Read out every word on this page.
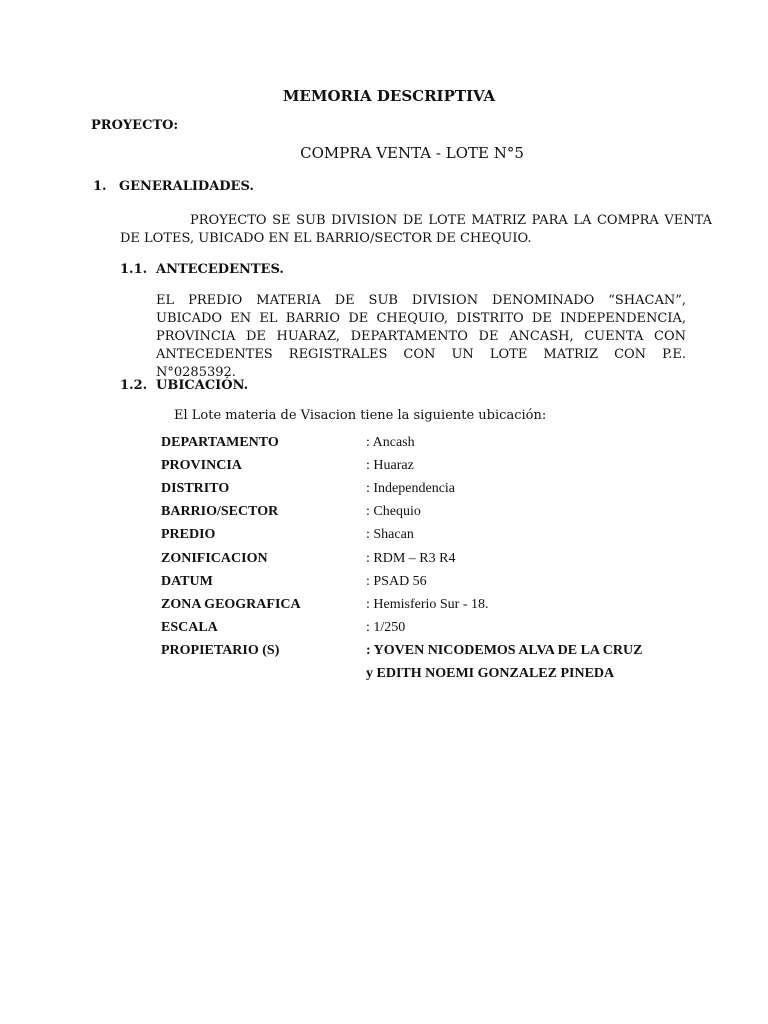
MEMORIA DESCRIPTIVA
PROYECTO:
COMPRA VENTA - LOTE N°5
1. GENERALIDADES.
PROYECTO SE SUB DIVISION DE LOTE MATRIZ PARA LA COMPRA VENTA DE LOTES, UBICADO EN EL BARRIO/SECTOR DE CHEQUIO.
1.1. ANTECEDENTES.
EL PREDIO MATERIA DE SUB DIVISION DENOMINADO “SHACAN”, UBICADO EN EL BARRIO DE CHEQUIO, DISTRITO DE INDEPENDENCIA, PROVINCIA DE HUARAZ, DEPARTAMENTO DE ANCASH, CUENTA CON ANTECEDENTES REGISTRALES CON UN LOTE MATRIZ CON P.E. N°0285392.
1.2. UBICACIÓN.
El Lote materia de Visacion tiene la siguiente ubicación:
DEPARTAMENTO	: Ancash
PROVINCIA	: Huaraz
DISTRITO	: Independencia
BARRIO/SECTOR	: Chequio
PREDIO	: Shacan
ZONIFICACION	: RDM – R3 R4
DATUM	: PSAD 56
ZONA GEOGRAFICA	: Hemisferio Sur - 18.
ESCALA	: 1/250
PROPIETARIO (S)	: YOVEN NICODEMOS ALVA DE LA CRUZ
y EDITH NOEMI GONZALEZ PINEDA
